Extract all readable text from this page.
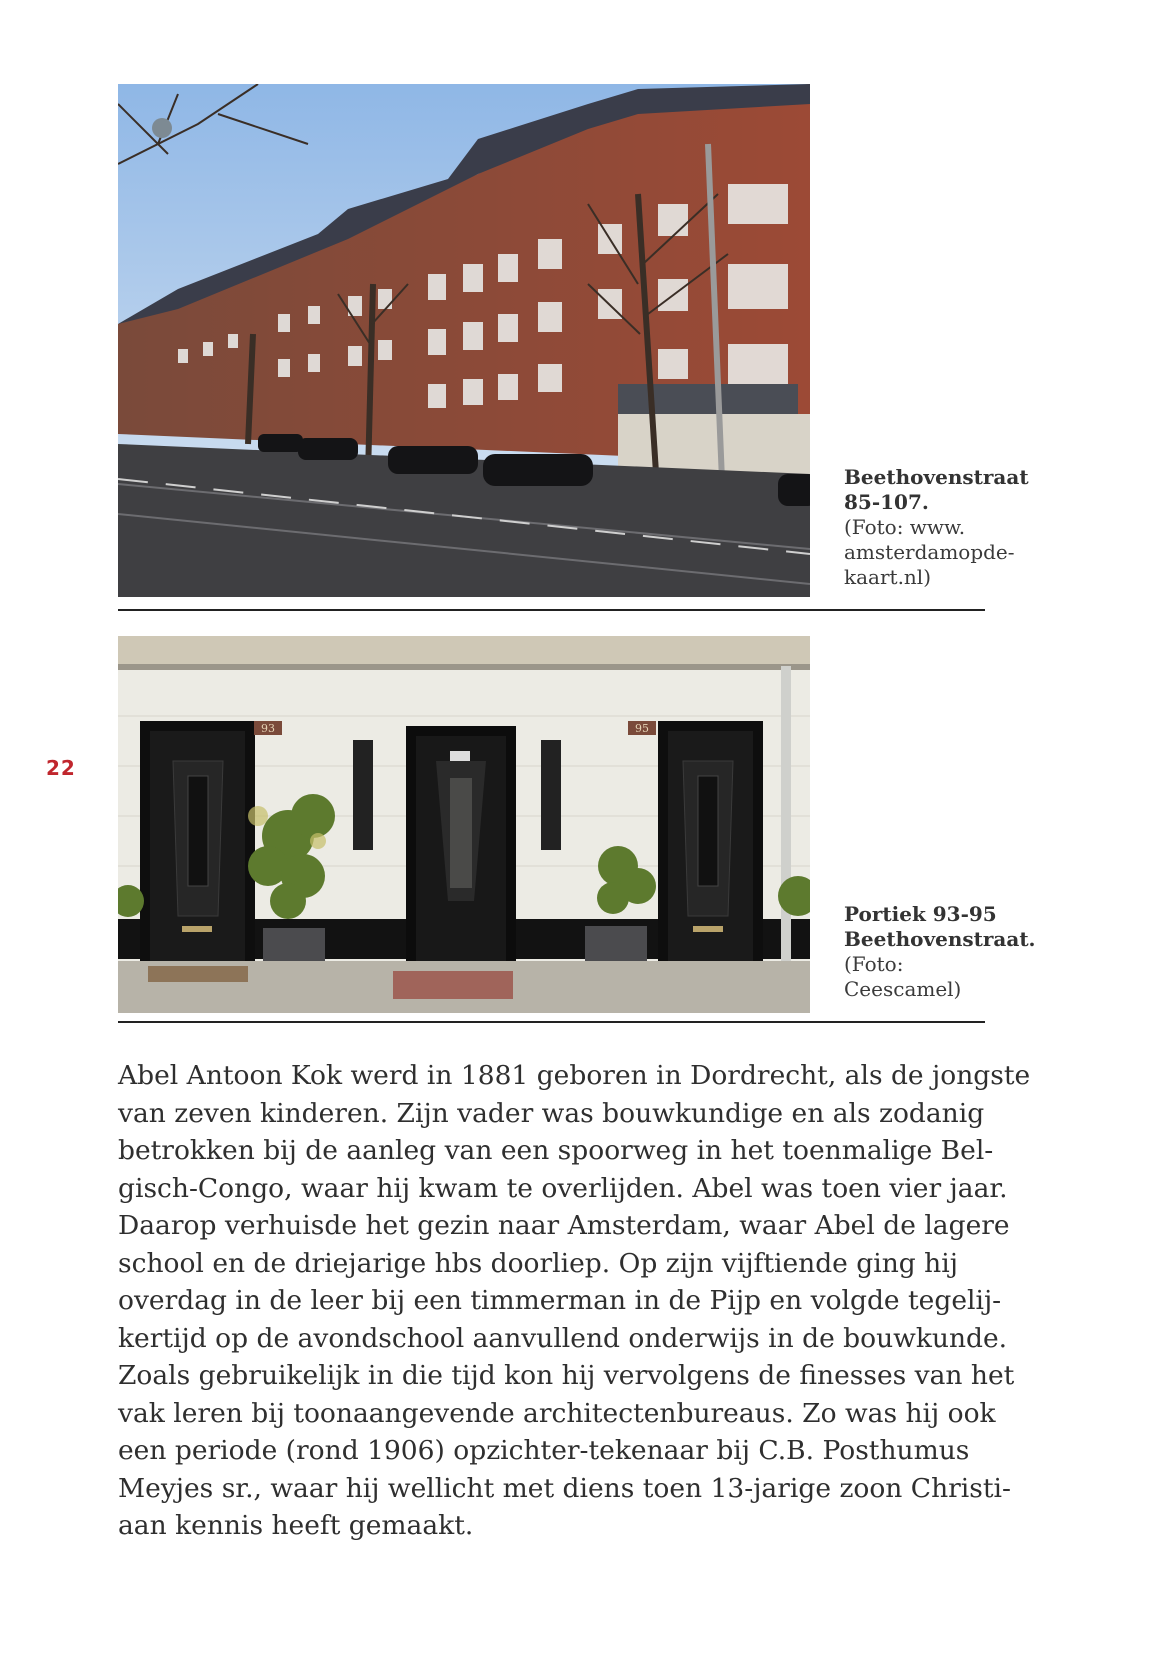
22
Beethovenstraat
85-107.
(Foto: www.
amsterdamopde-
kaart.nl)
93	95
Portiek 93-95
Beethovenstraat.
(Foto:
Ceescamel)
Abel Antoon Kok werd in 1881 geboren in Dordrecht, als de jongste
van zeven kinderen. Zijn vader was bouwkundige en als zodanig
betrokken bij de aanleg van een spoorweg in het toenmalige Bel-
gisch-Congo, waar hij kwam te overlijden. Abel was toen vier jaar.
Daarop verhuisde het gezin naar Amsterdam, waar Abel de lagere
school en de driejarige hbs doorliep. Op zijn vijftiende ging hij
overdag in de leer bij een timmerman in de Pijp en volgde tegelij-
kertijd op de avondschool aanvullend onderwijs in de bouwkunde.
Zoals gebruikelijk in die tijd kon hij vervolgens de finesses van het
vak leren bij toonaangevende architectenbureaus. Zo was hij ook
een periode (rond 1906) opzichter-tekenaar bij C.B. Posthumus
Meyjes sr., waar hij wellicht met diens toen 13-jarige zoon Christi-
aan kennis heeft gemaakt.
